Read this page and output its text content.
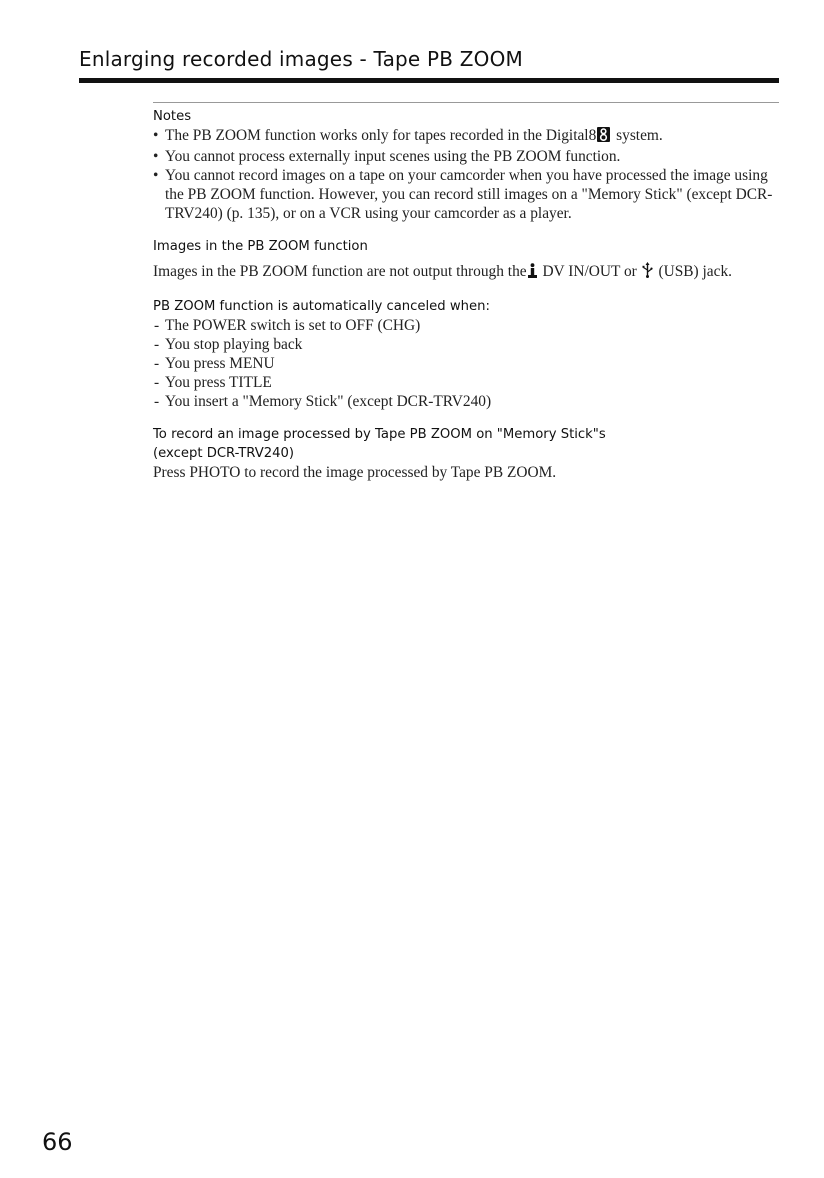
Enlarging recorded images - Tape PB ZOOM

Notes

• The PB ZOOM function works only for tapes recorded in the Digital8 system.
• You cannot process externally input scenes using the PB ZOOM function.
• You cannot record images on a tape on your camcorder when you have processed the image using the PB ZOOM function. However, you can record still images on a "Memory Stick" (except DCR-TRV240) (p. 135), or on a VCR using your camcorder as a player.

Images in the PB ZOOM function

Images in the PB ZOOM function are not output through the DV IN/OUT or  (USB) jack.

PB ZOOM function is automatically canceled when:

- The POWER switch is set to OFF (CHG)
- You stop playing back
- You press MENU
- You press TITLE
- You insert a "Memory Stick" (except DCR-TRV240)

To record an image processed by Tape PB ZOOM on "Memory Stick"s

(except DCR-TRV240)

Press PHOTO to record the image processed by Tape PB ZOOM.

66
